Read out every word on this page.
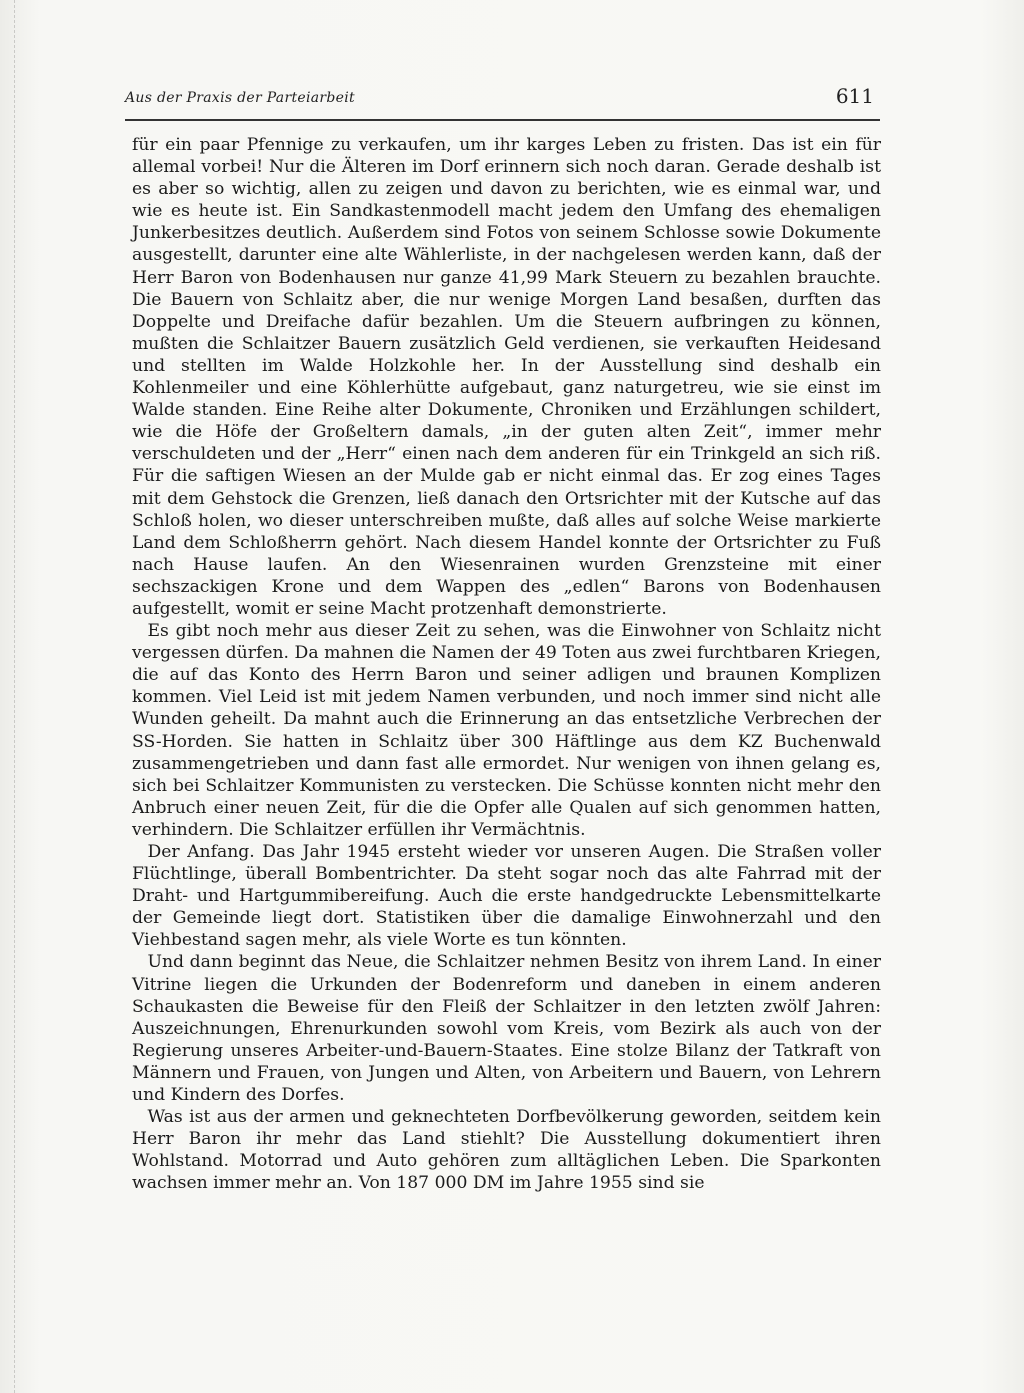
Aus der Praxis der Parteiarbeit	611

für ein paar Pfennige zu verkaufen, um ihr karges Leben zu fristen. Das ist ein für allemal vorbei! Nur die Älteren im Dorf erinnern sich noch daran. Gerade deshalb ist es aber so wichtig, allen zu zeigen und davon zu berichten, wie es einmal war, und wie es heute ist. Ein Sandkastenmodell macht jedem den Umfang des ehemaligen Junkerbesitzes deutlich. Außerdem sind Fotos von seinem Schlosse sowie Dokumente ausgestellt, darunter eine alte Wählerliste, in der nachgelesen werden kann, daß der Herr Baron von Bodenhausen nur ganze 41,99 Mark Steuern zu bezahlen brauchte. Die Bauern von Schlaitz aber, die nur wenige Morgen Land besaßen, durften das Doppelte und Dreifache dafür bezahlen. Um die Steuern aufbringen zu können, mußten die Schlaitzer Bauern zusätzlich Geld verdienen, sie verkauften Heidesand und stellten im Walde Holzkohle her. In der Ausstellung sind deshalb ein Kohlenmeiler und eine Köhlerhütte aufgebaut, ganz naturgetreu, wie sie einst im Walde standen. Eine Reihe alter Dokumente, Chroniken und Erzählungen schildert, wie die Höfe der Großeltern damals, „in der guten alten Zeit“, immer mehr verschuldeten und der „Herr“ einen nach dem anderen für ein Trinkgeld an sich riß. Für die saftigen Wiesen an der Mulde gab er nicht einmal das. Er zog eines Tages mit dem Gehstock die Grenzen, ließ danach den Ortsrichter mit der Kutsche auf das Schloß holen, wo dieser unterschreiben mußte, daß alles auf solche Weise markierte Land dem Schloßherrn gehört. Nach diesem Handel konnte der Ortsrichter zu Fuß nach Hause laufen. An den Wiesenrainen wurden Grenzsteine mit einer sechszackigen Krone und dem Wappen des „edlen“ Barons von Bodenhausen aufgestellt, womit er seine Macht protzenhaft demonstrierte.

Es gibt noch mehr aus dieser Zeit zu sehen, was die Einwohner von Schlaitz nicht vergessen dürfen. Da mahnen die Namen der 49 Toten aus zwei furchtbaren Kriegen, die auf das Konto des Herrn Baron und seiner adligen und braunen Komplizen kommen. Viel Leid ist mit jedem Namen verbunden, und noch immer sind nicht alle Wunden geheilt. Da mahnt auch die Erinnerung an das entsetzliche Verbrechen der SS-Horden. Sie hatten in Schlaitz über 300 Häftlinge aus dem KZ Buchenwald zusammengetrieben und dann fast alle ermordet. Nur wenigen von ihnen gelang es, sich bei Schlaitzer Kommunisten zu verstecken. Die Schüsse konnten nicht mehr den Anbruch einer neuen Zeit, für die die Opfer alle Qualen auf sich genommen hatten, verhindern. Die Schlaitzer erfüllen ihr Vermächtnis.

Der Anfang. Das Jahr 1945 ersteht wieder vor unseren Augen. Die Straßen voller Flüchtlinge, überall Bombentrichter. Da steht sogar noch das alte Fahrrad mit der Draht- und Hartgummibereifung. Auch die erste handgedruckte Lebensmittelkarte der Gemeinde liegt dort. Statistiken über die damalige Einwohnerzahl und den Viehbestand sagen mehr, als viele Worte es tun könnten.

Und dann beginnt das Neue, die Schlaitzer nehmen Besitz von ihrem Land. In einer Vitrine liegen die Urkunden der Bodenreform und daneben in einem anderen Schaukasten die Beweise für den Fleiß der Schlaitzer in den letzten zwölf Jahren: Auszeichnungen, Ehrenurkunden sowohl vom Kreis, vom Bezirk als auch von der Regierung unseres Arbeiter-und-Bauern-Staates. Eine stolze Bilanz der Tatkraft von Männern und Frauen, von Jungen und Alten, von Arbeitern und Bauern, von Lehrern und Kindern des Dorfes.

Was ist aus der armen und geknechteten Dorfbevölkerung geworden, seitdem kein Herr Baron ihr mehr das Land stiehlt? Die Ausstellung dokumentiert ihren Wohlstand. Motorrad und Auto gehören zum alltäglichen Leben. Die Sparkonten wachsen immer mehr an. Von 187 000 DM im Jahre 1955 sind sie
